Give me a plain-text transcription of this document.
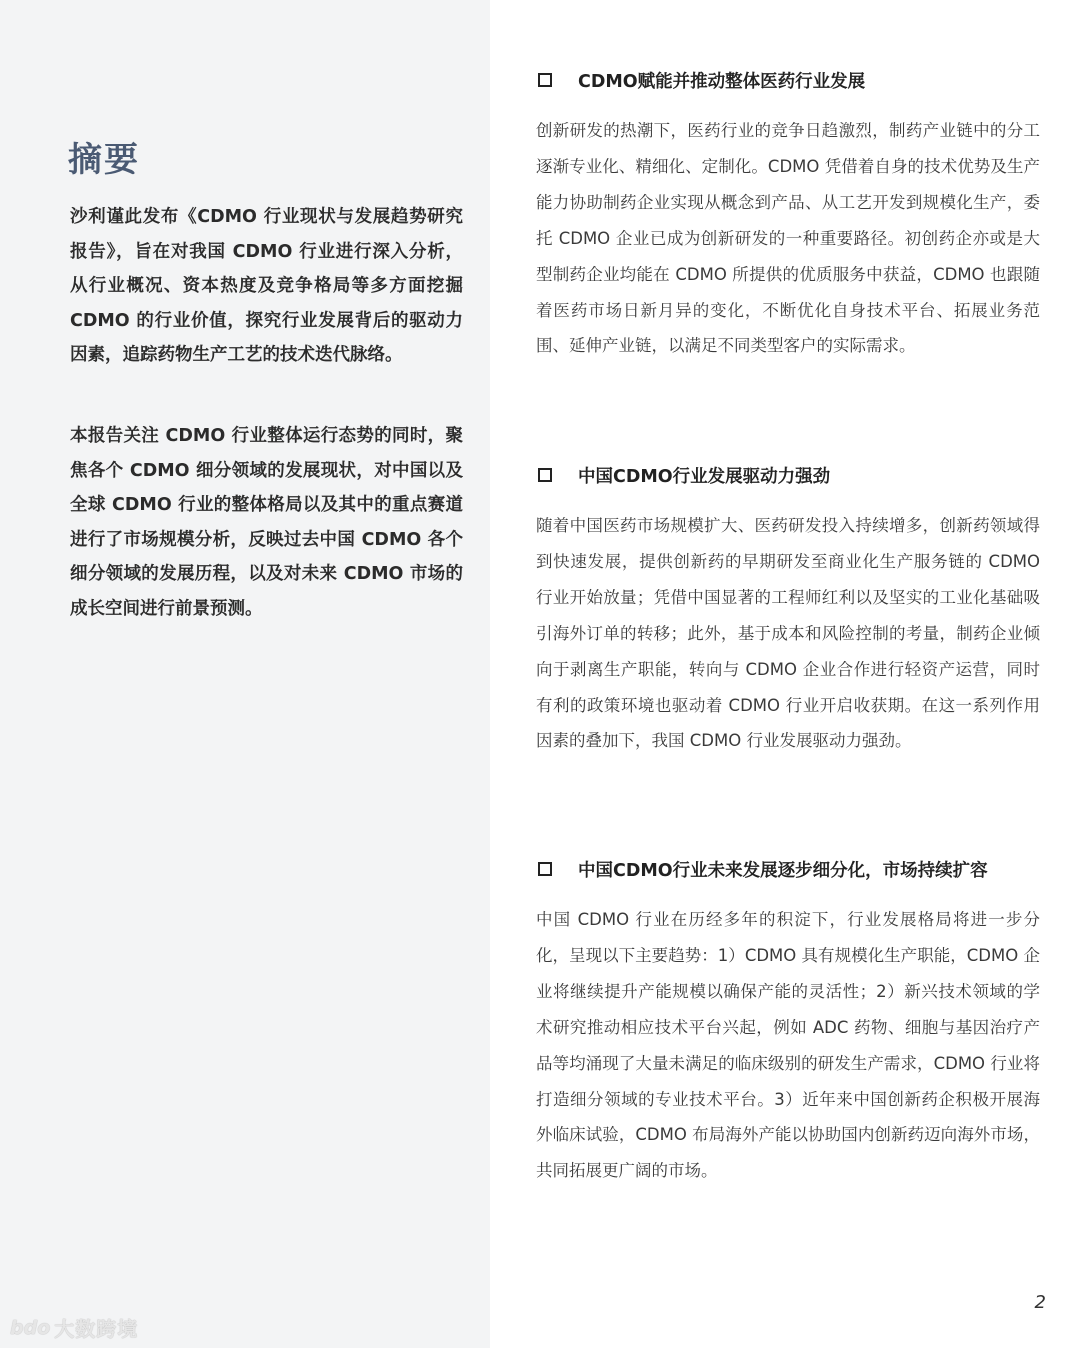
摘要

沙利谨此发布《CDMO 行业现状与发展趋势研究报告》，旨在对我国 CDMO 行业进行深入分析，从行业概况、资本热度及竞争格局等多方面挖掘 CDMO 的行业价值，探究行业发展背后的驱动力因素，追踪药物生产工艺的技术迭代脉络。

本报告关注 CDMO 行业整体运行态势的同时，聚焦各个 CDMO 细分领域的发展现状，对中国以及全球 CDMO 行业的整体格局以及其中的重点赛道进行了市场规模分析，反映过去中国 CDMO 各个细分领域的发展历程，以及对未来 CDMO 市场的成长空间进行前景预测。

CDMO赋能并推动整体医药行业发展

创新研发的热潮下，医药行业的竞争日趋激烈，制药产业链中的分工逐渐专业化、精细化、定制化。CDMO 凭借着自身的技术优势及生产能力协助制药企业实现从概念到产品、从工艺开发到规模化生产，委托 CDMO 企业已成为创新研发的一种重要路径。初创药企亦或是大型制药企业均能在 CDMO 所提供的优质服务中获益，CDMO 也跟随着医药市场日新月异的变化，不断优化自身技术平台、拓展业务范围、延伸产业链，以满足不同类型客户的实际需求。

中国CDMO行业发展驱动力强劲

随着中国医药市场规模扩大、医药研发投入持续增多，创新药领域得到快速发展，提供创新药的早期研发至商业化生产服务链的 CDMO 行业开始放量；凭借中国显著的工程师红利以及坚实的工业化基础吸引海外订单的转移；此外，基于成本和风险控制的考量，制药企业倾向于剥离生产职能，转向与 CDMO 企业合作进行轻资产运营，同时有利的政策环境也驱动着 CDMO 行业开启收获期。在这一系列作用因素的叠加下，我国 CDMO 行业发展驱动力强劲。

中国CDMO行业未来发展逐步细分化，市场持续扩容

中国 CDMO 行业在历经多年的积淀下，行业发展格局将进一步分化，呈现以下主要趋势：1）CDMO 具有规模化生产职能，CDMO 企业将继续提升产能规模以确保产能的灵活性；2）新兴技术领域的学术研究推动相应技术平台兴起，例如 ADC 药物、细胞与基因治疗产品等均涌现了大量未满足的临床级别的研发生产需求，CDMO 行业将打造细分领域的专业技术平台。3）近年来中国创新药企积极开展海外临床试验，CDMO 布局海外产能以协助国内创新药迈向海外市场，共同拓展更广阔的市场。

2
bdo 大数跨境
